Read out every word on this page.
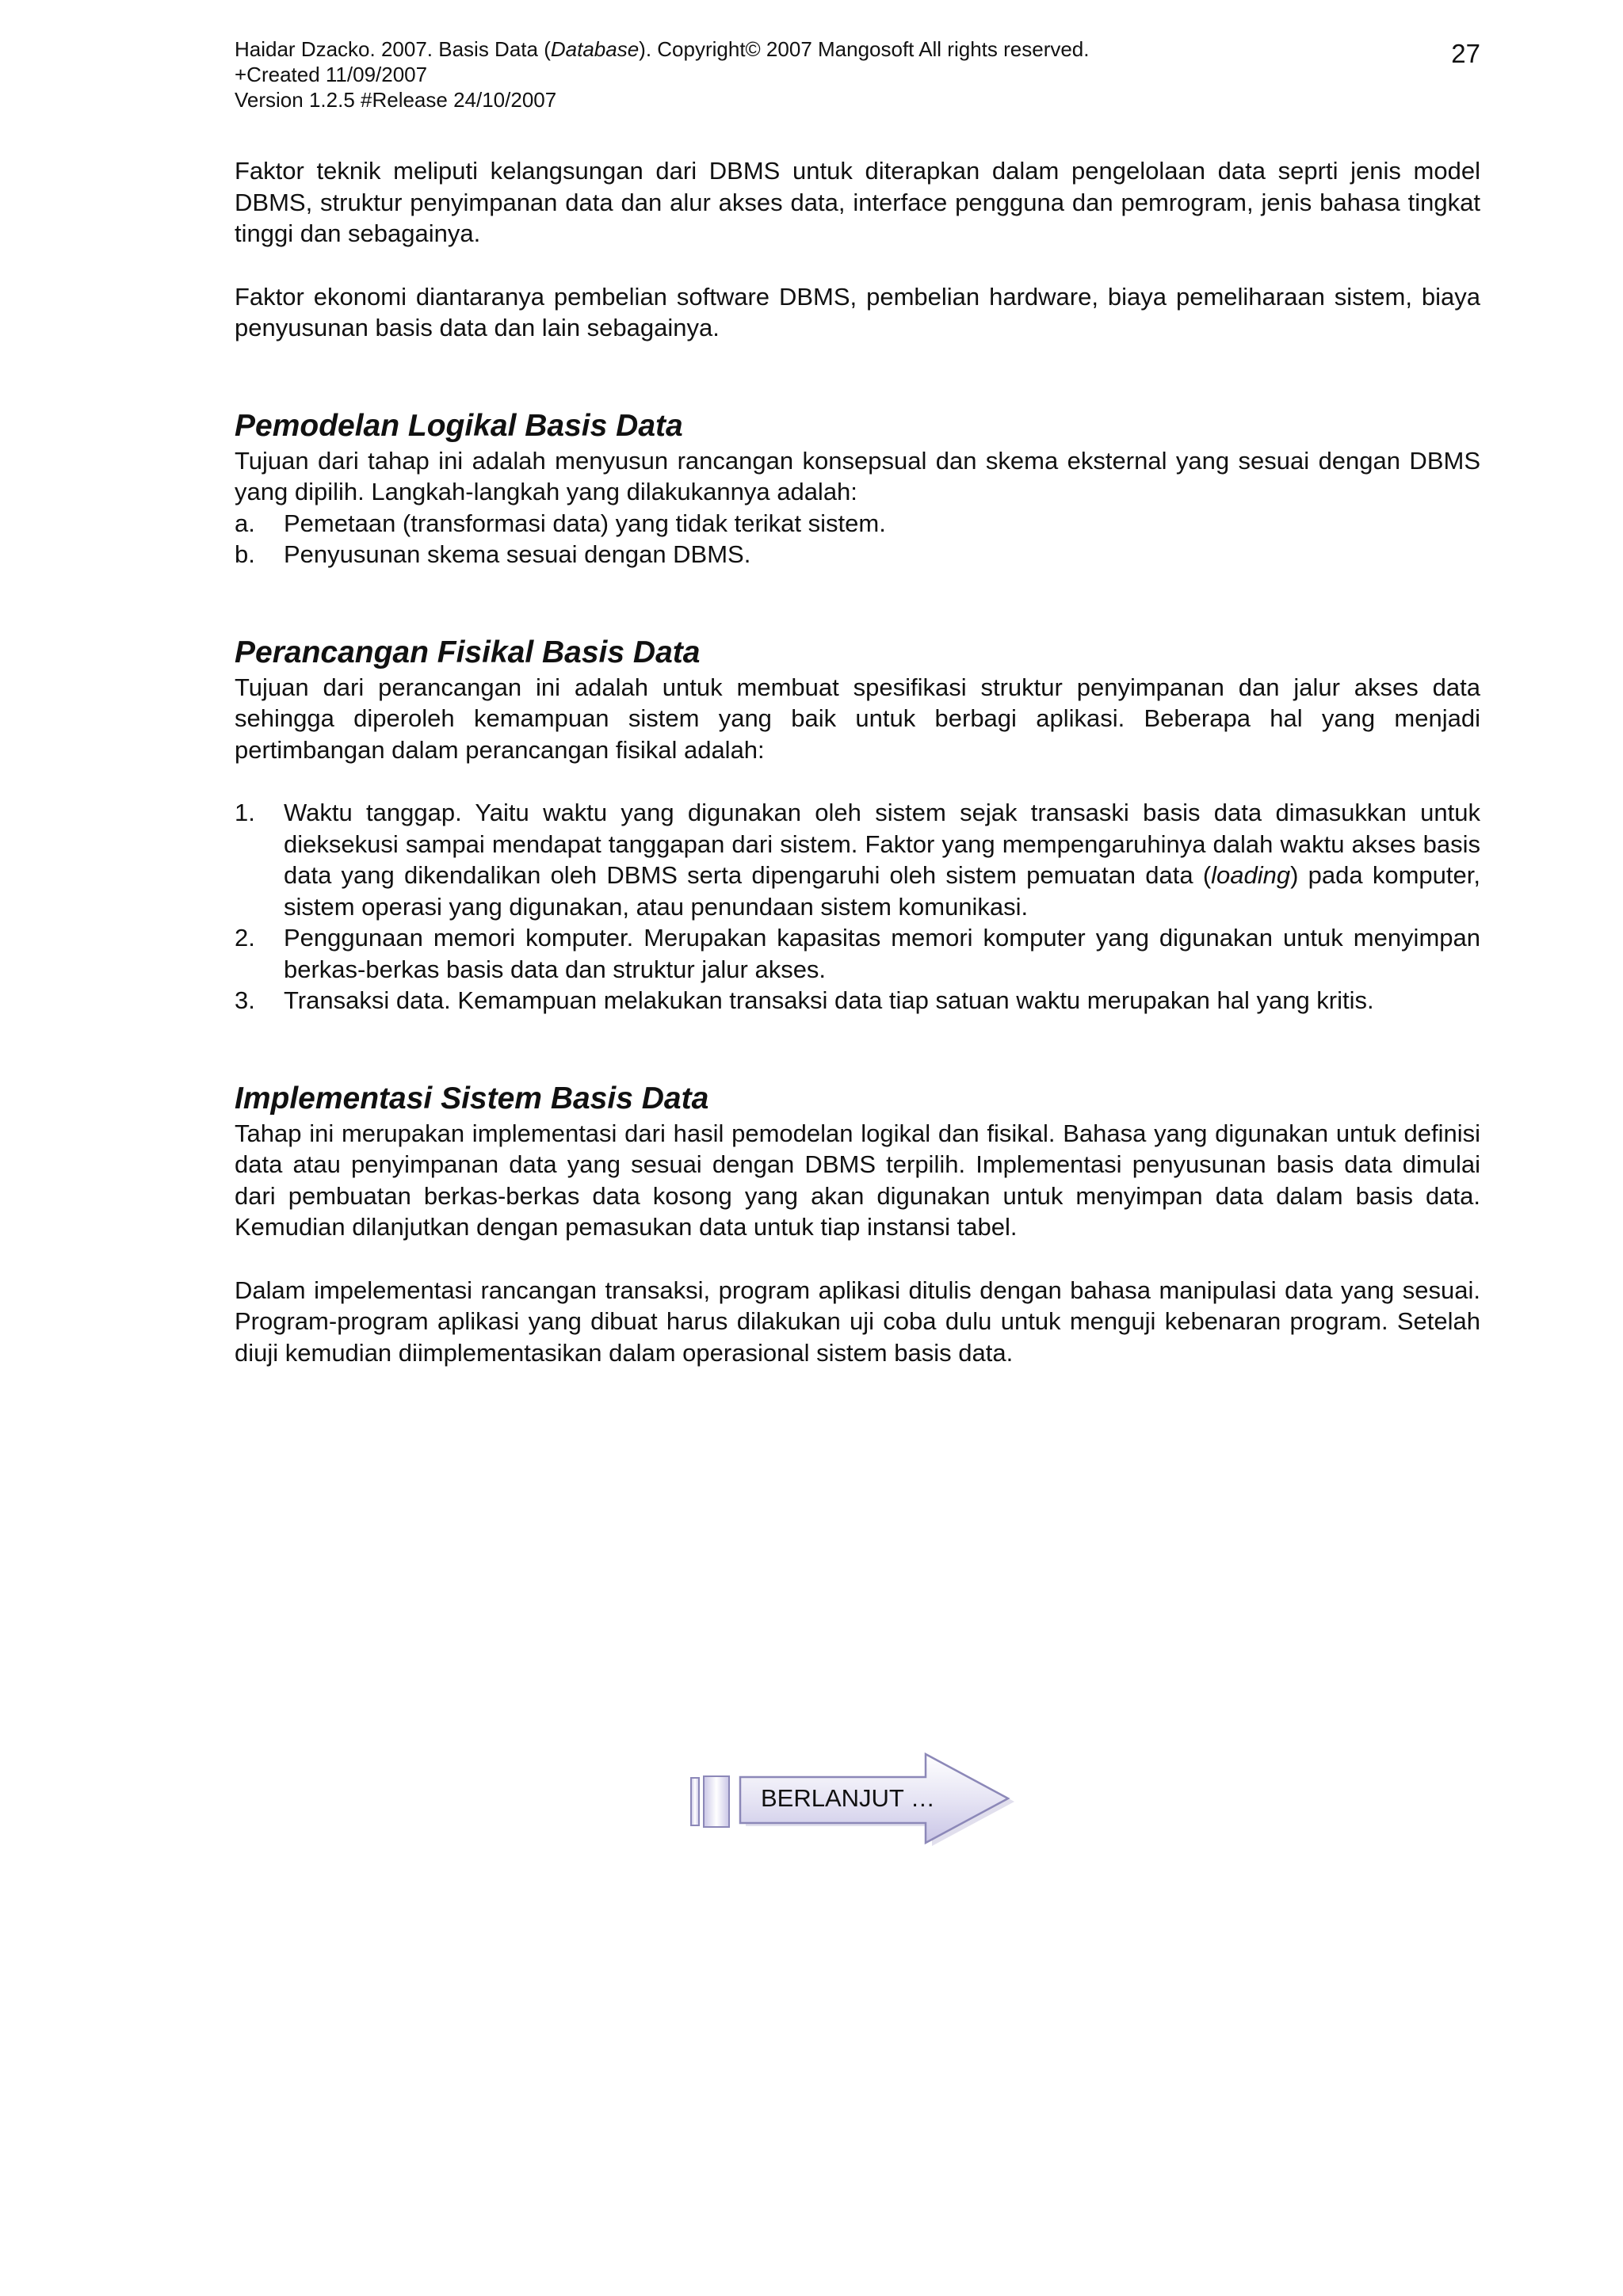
Haidar Dzacko. 2007. Basis Data (Database). Copyright© 2007 Mangosoft All rights reserved.
+Created 11/09/2007
Version 1.2.5 #Release 24/10/2007
27

Faktor teknik meliputi kelangsungan dari DBMS untuk diterapkan dalam pengelolaan data seprti jenis model DBMS, struktur penyimpanan data dan alur akses data, interface pengguna dan pemrogram, jenis bahasa tingkat tinggi dan sebagainya.

Faktor ekonomi diantaranya pembelian software DBMS, pembelian hardware, biaya pemeliharaan sistem, biaya penyusunan basis data dan lain sebagainya.

Pemodelan Logikal Basis Data

Tujuan dari tahap ini adalah menyusun rancangan konsepsual dan skema eksternal yang sesuai dengan DBMS yang dipilih. Langkah-langkah yang dilakukannya adalah:

a. Pemetaan (transformasi data) yang tidak terikat sistem.
b. Penyusunan skema sesuai dengan DBMS.
Perancangan Fisikal Basis Data

Tujuan dari perancangan ini adalah untuk membuat spesifikasi struktur penyimpanan dan jalur akses data sehingga diperoleh kemampuan sistem yang baik untuk berbagi aplikasi. Beberapa hal yang menjadi pertimbangan dalam perancangan fisikal adalah:

1. Waktu tanggap. Yaitu waktu yang digunakan oleh sistem sejak transaski basis data dimasukkan untuk dieksekusi sampai mendapat tanggapan dari sistem. Faktor yang mempengaruhinya dalah waktu akses basis data yang dikendalikan oleh DBMS serta dipengaruhi oleh sistem pemuatan data (loading) pada komputer, sistem operasi yang digunakan, atau penundaan sistem komunikasi.
2. Penggunaan memori komputer. Merupakan kapasitas memori komputer yang digunakan untuk menyimpan berkas-berkas basis data dan struktur jalur akses.
3. Transaksi data. Kemampuan melakukan transaksi data tiap satuan waktu merupakan hal yang kritis.
Implementasi Sistem Basis Data

Tahap ini merupakan implementasi dari hasil pemodelan logikal dan fisikal. Bahasa yang digunakan untuk definisi data atau penyimpanan data yang sesuai dengan DBMS terpilih. Implementasi penyusunan basis data dimulai dari pembuatan berkas-berkas data kosong yang akan digunakan untuk menyimpan data dalam basis data. Kemudian dilanjutkan dengan pemasukan data untuk tiap instansi tabel.

Dalam impelementasi rancangan transaksi, program aplikasi ditulis dengan bahasa manipulasi data yang sesuai. Program-program aplikasi yang dibuat harus dilakukan uji coba dulu untuk menguji kebenaran program. Setelah diuji kemudian diimplementasikan dalam operasional sistem basis data.

BERLANJUT …
